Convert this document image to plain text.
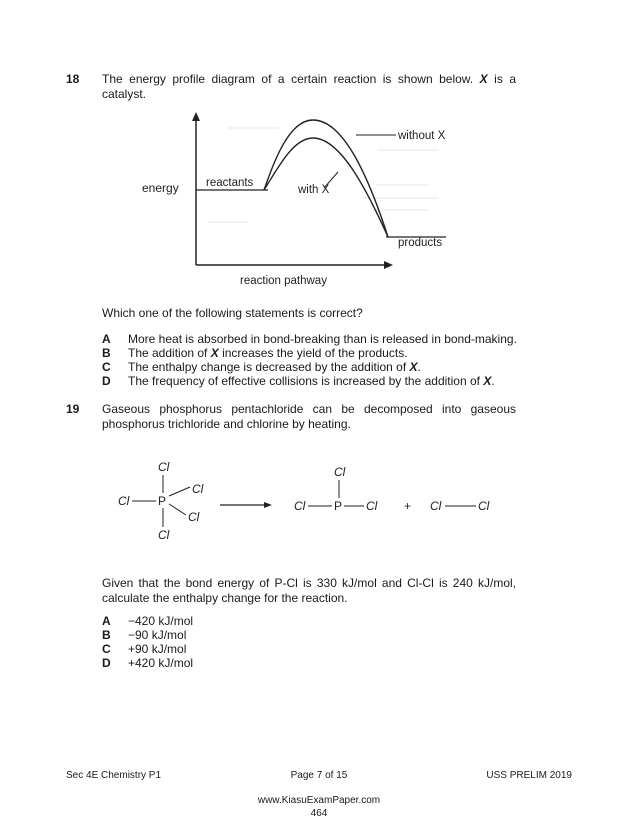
18 The energy profile diagram of a certain reaction is shown below. X is a catalyst.
energy reactants
without X
with X
products
reaction pathway
Which one of the following statements is correct?
A More heat is absorbed in bond-breaking than is released in bond-making.
B The addition of X increases the yield of the products.
C The enthalpy change is decreased by the addition of X.
D The frequency of effective collisions is increased by the addition of X.
19 Gaseous phosphorus pentachloride can be decomposed into gaseous phosphorus trichloride and chlorine by heating.
P
Cl
Cl
Cl
Cl
Cl
P
Cl
Cl	Cl + Cl	Cl
Given that the bond energy of P-Cl is 330 kJ/mol and Cl-Cl is 240 kJ/mol, calculate the enthalpy change for the reaction.
A −420 kJ/mol
B −90 kJ/mol
C +90 kJ/mol
D +420 kJ/mol
Sec 4E Chemistry P1	Page 7 of 15	USS PRELIM 2019
www.KiasuExamPaper.com
464
